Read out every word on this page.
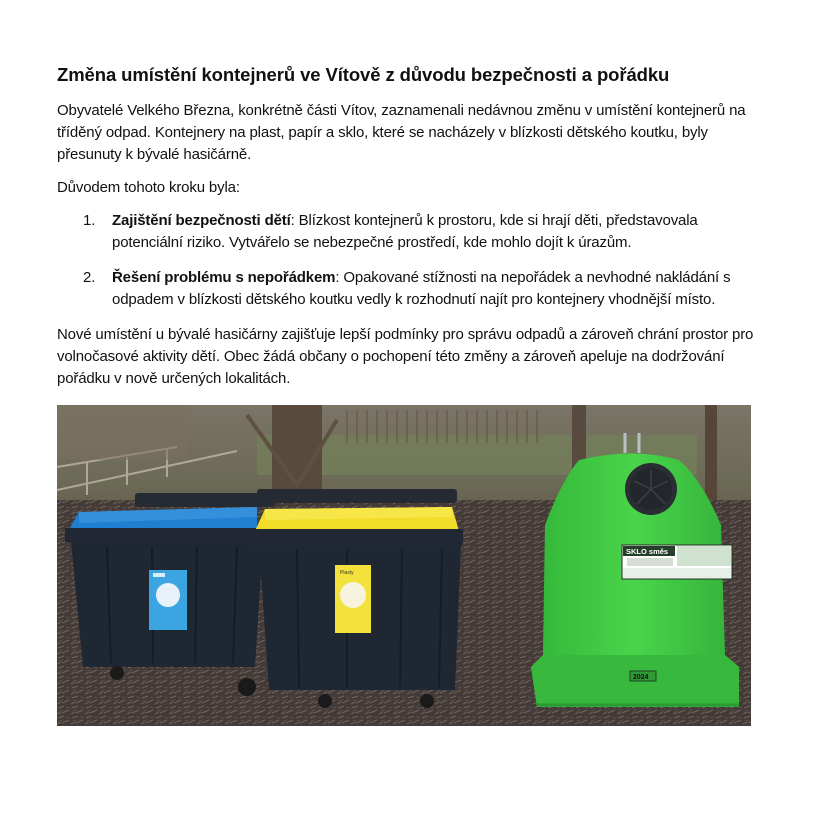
Změna umístění kontejnerů ve Vítově z důvodu bezpečnosti a pořádku

Obyvatelé Velkého Března, konkrétně části Vítov, zaznamenali nedávnou změnu v umístění kontejnerů na tříděný odpad. Kontejnery na plast, papír a sklo, které se nacházely v blízkosti dětského koutku, byly přesunuty k bývalé hasičárně.

Důvodem tohoto kroku byla:

1. Zajištění bezpečnosti dětí: Blízkost kontejnerů k prostoru, kde si hrají děti, představovala potenciální riziko. Vytvářelo se nebezpečné prostředí, kde mohlo dojít k úrazům.
2. Řešení problému s nepořádkem: Opakované stížnosti na nepořádek a nevhodné nakládání s odpadem v blízkosti dětského koutku vedly k rozhodnutí najít pro kontejnery vhodnější místo.

Nové umístění u bývalé hasičárny zajišťuje lepší podmínky pro správu odpadů a zároveň chrání prostor pro volnočasové aktivity dětí. Obec žádá občany o pochopení této změny a zároveň apeluje na dodržování pořádku v nově určených lokalitách.

Plasty
SKLO směs
2024
